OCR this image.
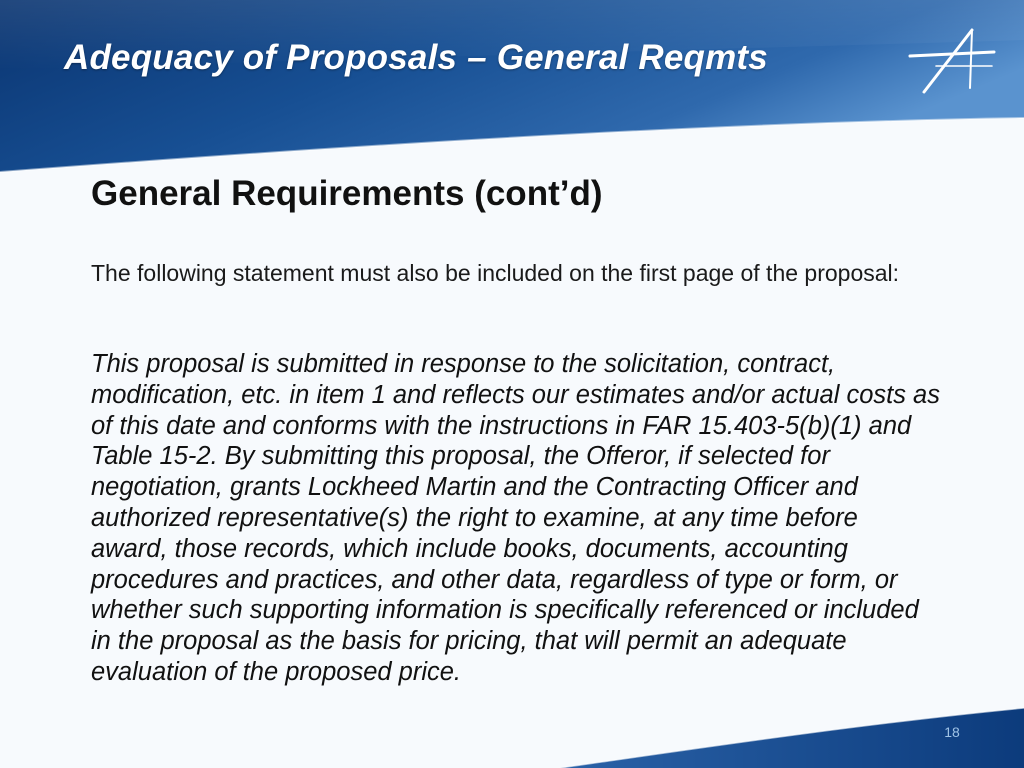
Adequacy of Proposals – General Reqmts
General Requirements (cont’d)

The following statement must also be included on the first page of the proposal:

This proposal is submitted in response to the solicitation, contract, modification, etc. in item 1 and reflects our estimates and/or actual costs as of this date and conforms with the instructions in FAR 15.403-5(b)(1) and Table 15-2. By submitting this proposal, the Offeror, if selected for negotiation, grants Lockheed Martin and the Contracting Officer and authorized representative(s) the right to examine, at any time before award, those records, which include books, documents, accounting procedures and practices, and other data, regardless of type or form, or whether such supporting information is specifically referenced or included in the proposal as the basis for pricing, that will permit an adequate evaluation of the proposed price.

18
